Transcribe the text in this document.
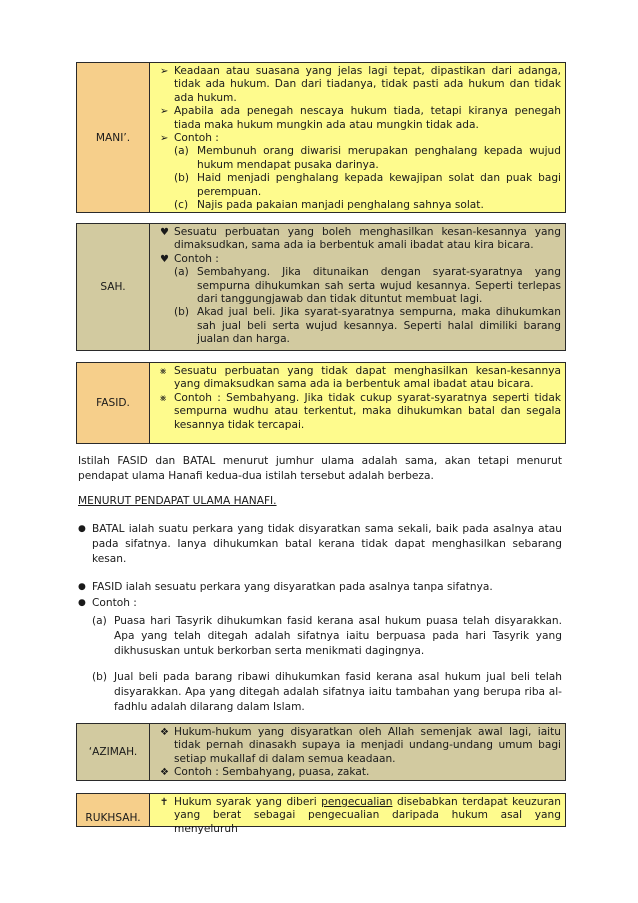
MANI’.
➢ Keadaan atau suasana yang jelas lagi tepat, dipastikan dari adanga, tidak ada hukum. Dan dari tiadanya, tidak pasti ada hukum dan tidak ada hukum.
➢ Apabila ada penegah nescaya hukum tiada, tetapi kiranya penegah tiada maka hukum mungkin ada atau mungkin tidak ada.
➢ Contoh :
(a) Membunuh orang diwarisi merupakan penghalang kepada wujud hukum mendapat pusaka darinya.
(b) Haid menjadi penghalang kepada kewajipan solat dan puak bagi perempuan.
(c) Najis pada pakaian manjadi penghalang sahnya solat.
SAH.
♥ Sesuatu perbuatan yang boleh menghasilkan kesan-kesannya yang dimaksudkan, sama ada ia berbentuk amali ibadat atau kira bicara.
♥ Contoh :
(a) Sembahyang. Jika ditunaikan dengan syarat-syaratnya yang sempurna dihukumkan sah serta wujud kesannya. Seperti terlepas dari tanggungjawab dan tidak dituntut membuat lagi.
(b) Akad jual beli. Jika syarat-syaratnya sempurna, maka dihukumkan sah jual beli serta wujud kesannya. Seperti halal dimiliki barang jualan dan harga.
FASID.
⨳ Sesuatu perbuatan yang tidak dapat menghasilkan kesan-kesannya yang dimaksudkan sama ada ia berbentuk amal ibadat atau bicara.
⨳ Contoh : Sembahyang. Jika tidak cukup syarat-syaratnya seperti tidak sempurna wudhu atau terkentut, maka dihukumkan batal dan segala kesannya tidak tercapai.
Istilah FASID dan BATAL menurut jumhur ulama adalah sama, akan tetapi menurut pendapat ulama Hanafi kedua-dua istilah tersebut adalah berbeza.
MENURUT PENDAPAT ULAMA HANAFI.
● BATAL ialah suatu perkara yang tidak disyaratkan sama sekali, baik pada asalnya atau pada sifatnya. Ianya dihukumkan batal kerana tidak dapat menghasilkan sebarang kesan.
● FASID ialah sesuatu perkara yang disyaratkan pada asalnya tanpa sifatnya.
● Contoh :
(a) Puasa hari Tasyrik dihukumkan fasid kerana asal hukum puasa telah disyarakkan. Apa yang telah ditegah adalah sifatnya iaitu berpuasa pada hari Tasyrik yang dikhususkan untuk berkorban serta menikmati dagingnya.
(b) Jual beli pada barang ribawi dihukumkan fasid kerana asal hukum jual beli telah disyarakkan. Apa yang ditegah adalah sifatnya iaitu tambahan yang berupa riba al-fadhlu adalah dilarang dalam Islam.
‘AZIMAH.
❖ Hukum-hukum yang disyaratkan oleh Allah semenjak awal lagi, iaitu tidak pernah dinasakh supaya ia menjadi undang-undang umum bagi setiap mukallaf di dalam semua keadaan.
❖ Contoh : Sembahyang, puasa, zakat.
RUKHSAH.
✝ Hukum syarak yang diberi pengecualian disebabkan terdapat keuzuran yang berat sebagai pengecualian daripada hukum asal yang menyeluruh
